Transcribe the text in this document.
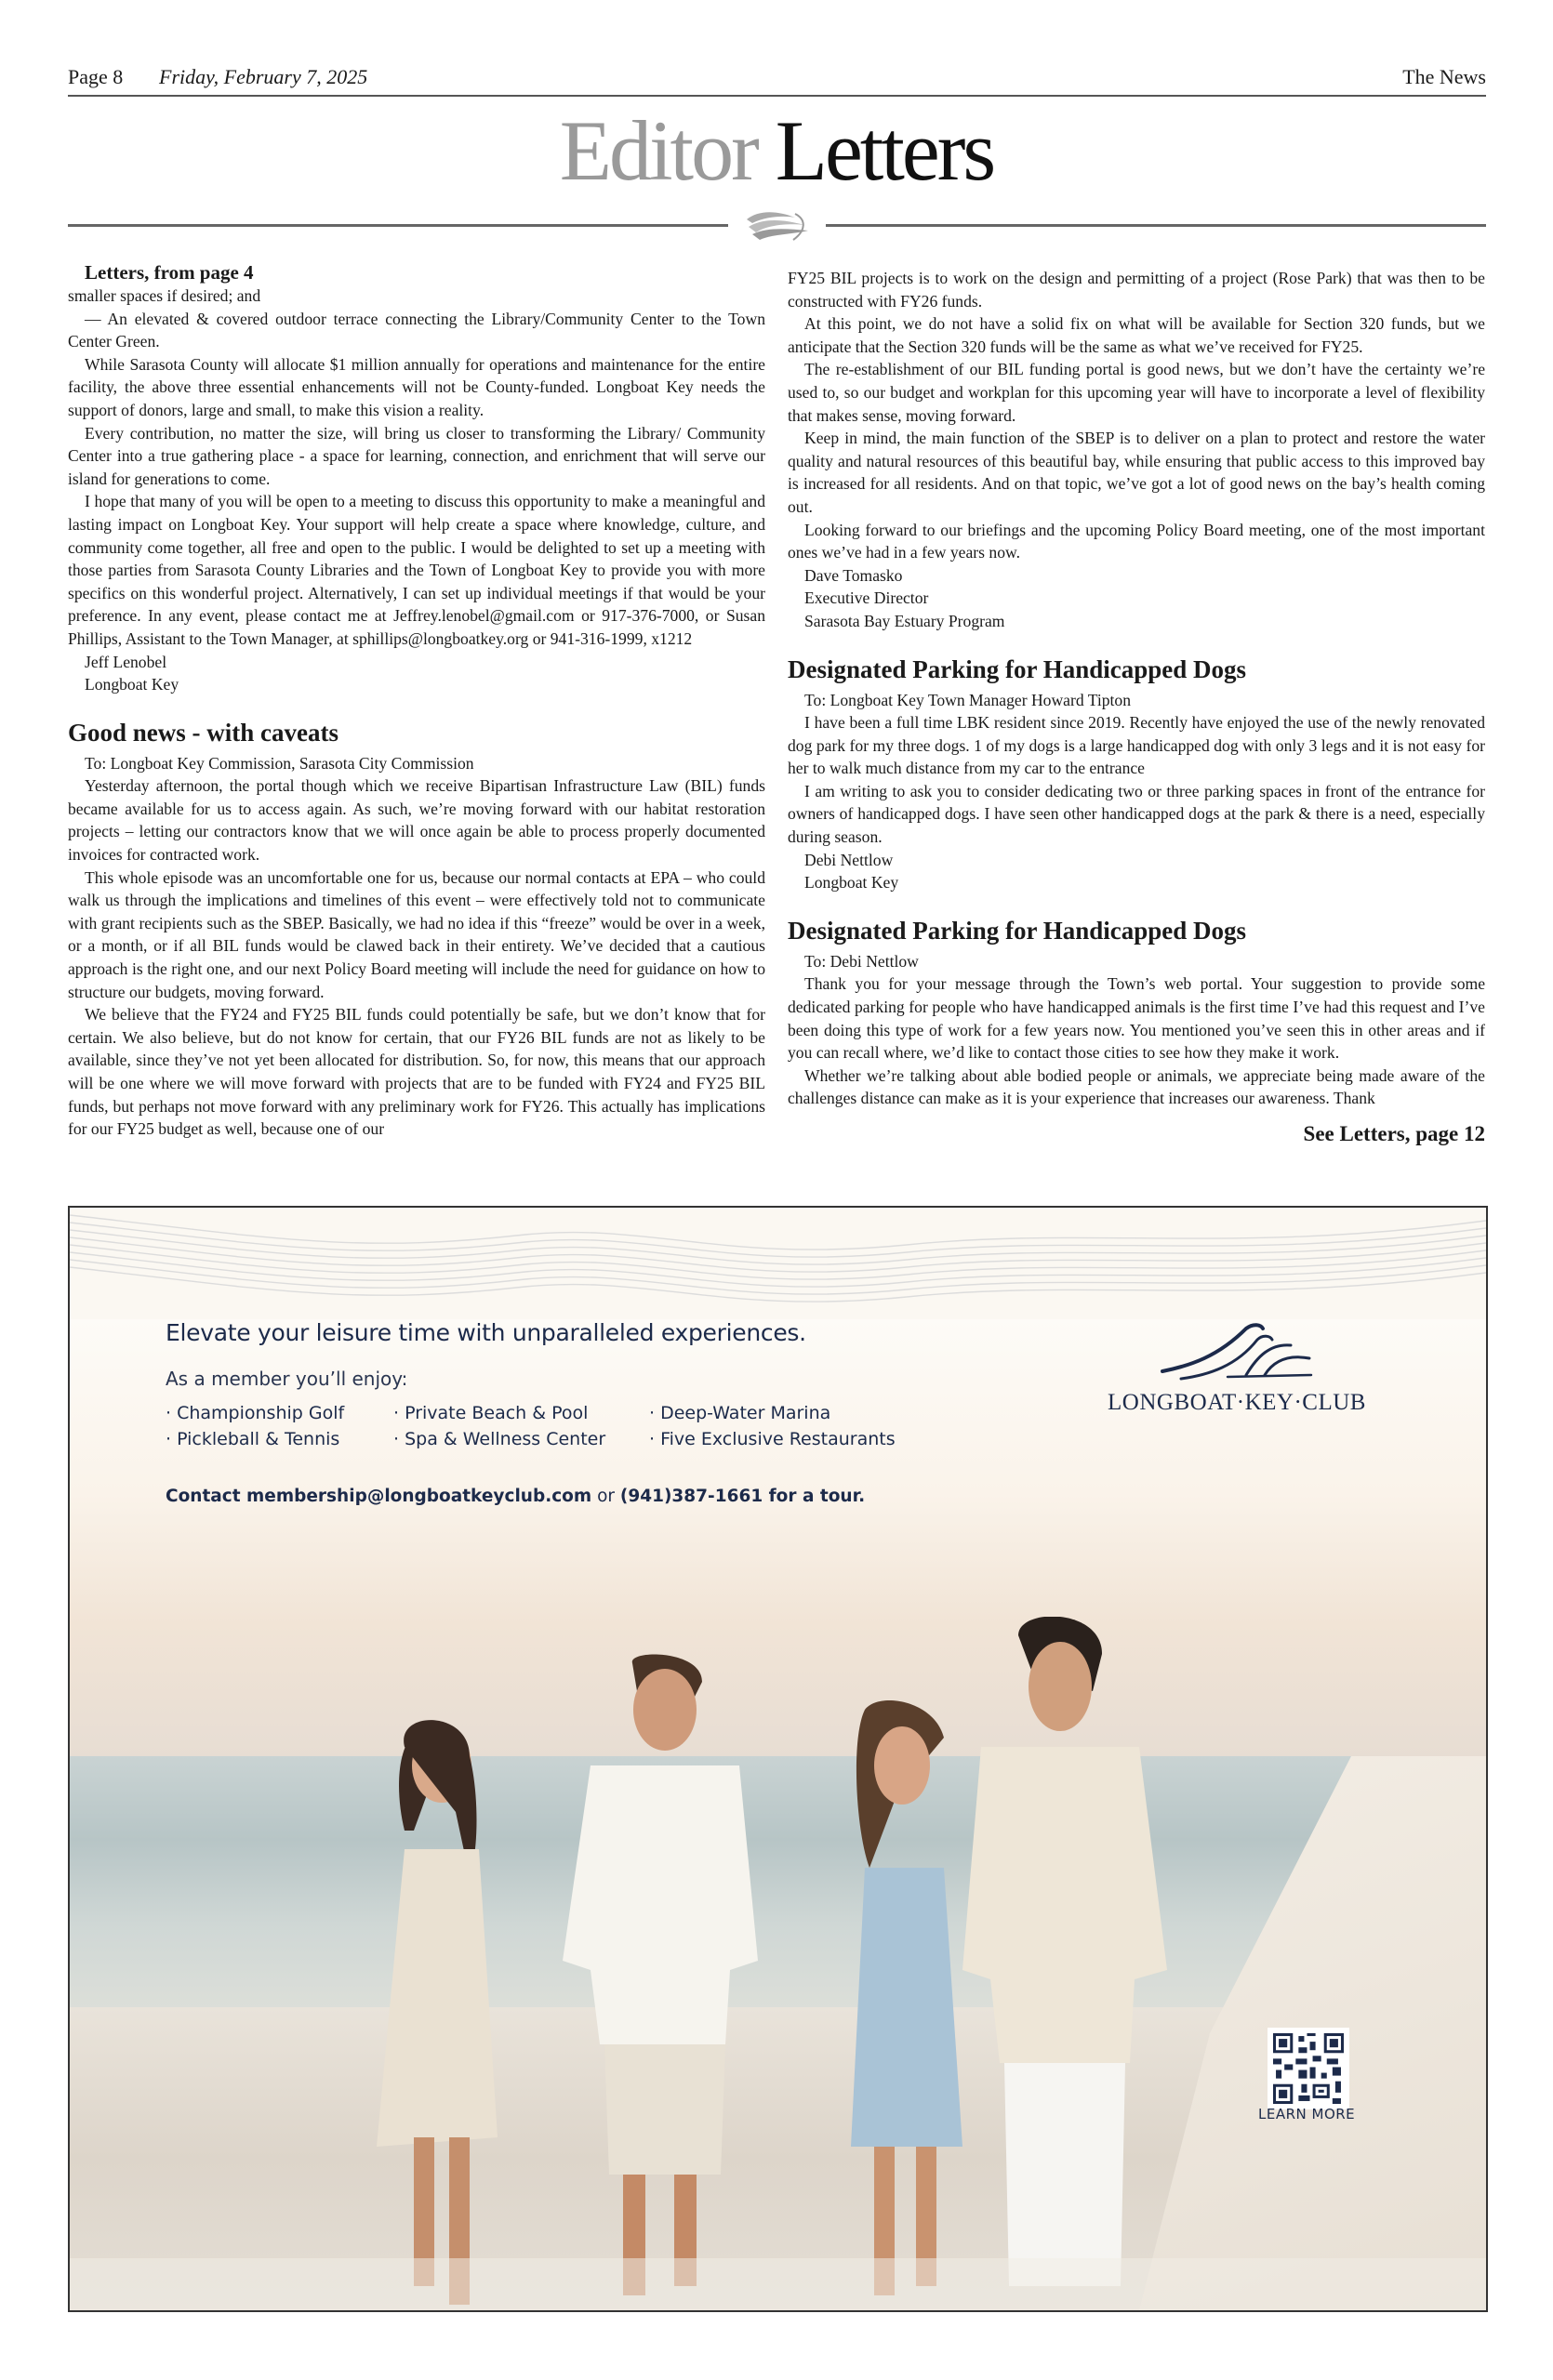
Page 8 Friday, February 7, 2025	The News
Editor Letters

Letters, from page 4

smaller spaces if desired; and

— An elevated & covered outdoor terrace connecting the Library/Community Center to the Town Center Green.

While Sarasota County will allocate $1 million annually for operations and maintenance for the entire facility, the above three essential enhancements will not be County-funded. Longboat Key needs the support of donors, large and small, to make this vision a reality.

Every contribution, no matter the size, will bring us closer to transforming the Library/ Community Center into a true gathering place - a space for learning, connection, and enrichment that will serve our island for generations to come.

I hope that many of you will be open to a meeting to discuss this opportunity to make a meaningful and lasting impact on Longboat Key. Your support will help create a space where knowledge, culture, and community come together, all free and open to the public. I would be delighted to set up a meeting with those parties from Sarasota County Libraries and the Town of Longboat Key to provide you with more specifics on this wonderful project. Alternatively, I can set up individual meetings if that would be your preference. In any event, please contact me at Jeffrey.lenobel@gmail.com or 917-376-7000, or Susan Phillips, Assistant to the Town Manager, at sphillips@longboatkey.org or 941-316-1999, x1212

Jeff Lenobel

Longboat Key

Good news - with caveats

To: Longboat Key Commission, Sarasota City Commission

Yesterday afternoon, the portal though which we receive Bipartisan Infrastructure Law (BIL) funds became available for us to access again. As such, we’re moving forward with our habitat restoration projects – letting our contractors know that we will once again be able to process properly documented invoices for contracted work.

This whole episode was an uncomfortable one for us, because our normal contacts at EPA – who could walk us through the implications and timelines of this event – were effectively told not to communicate with grant recipients such as the SBEP. Basically, we had no idea if this “freeze” would be over in a week, or a month, or if all BIL funds would be clawed back in their entirety. We’ve decided that a cautious approach is the right one, and our next Policy Board meeting will include the need for guidance on how to structure our budgets, moving forward.

We believe that the FY24 and FY25 BIL funds could potentially be safe, but we don’t know that for certain. We also believe, but do not know for certain, that our FY26 BIL funds are not as likely to be available, since they’ve not yet been allocated for distribution. So, for now, this means that our approach will be one where we will move forward with projects that are to be funded with FY24 and FY25 BIL funds, but perhaps not move forward with any preliminary work for FY26. This actually has implications for our FY25 budget as well, because one of our

FY25 BIL projects is to work on the design and permitting of a project (Rose Park) that was then to be constructed with FY26 funds.

At this point, we do not have a solid fix on what will be available for Section 320 funds, but we anticipate that the Section 320 funds will be the same as what we’ve received for FY25.

The re-establishment of our BIL funding portal is good news, but we don’t have the certainty we’re used to, so our budget and workplan for this upcoming year will have to incorporate a level of flexibility that makes sense, moving forward.

Keep in mind, the main function of the SBEP is to deliver on a plan to protect and restore the water quality and natural resources of this beautiful bay, while ensuring that public access to this improved bay is increased for all residents. And on that topic, we’ve got a lot of good news on the bay’s health coming out.

Looking forward to our briefings and the upcoming Policy Board meeting, one of the most important ones we’ve had in a few years now.

Dave Tomasko

Executive Director

Sarasota Bay Estuary Program

Designated Parking for Handicapped Dogs

To: Longboat Key Town Manager Howard Tipton

I have been a full time LBK resident since 2019. Recently have enjoyed the use of the newly renovated dog park for my three dogs. 1 of my dogs is a large handicapped dog with only 3 legs and it is not easy for her to walk much distance from my car to the entrance

I am writing to ask you to consider dedicating two or three parking spaces in front of the entrance for owners of handicapped dogs. I have seen other handicapped dogs at the park & there is a need, especially during season.

Debi Nettlow

Longboat Key

Designated Parking for Handicapped Dogs

To: Debi Nettlow

Thank you for your message through the Town’s web portal. Your suggestion to provide some dedicated parking for people who have handicapped animals is the first time I’ve had this request and I’ve been doing this type of work for a few years now. You mentioned you’ve seen this in other areas and if you can recall where, we’d like to contact those cities to see how they make it work.

Whether we’re talking about able bodied people or animals, we appreciate being made aware of the challenges distance can make as it is your experience that increases our awareness. Thank

See Letters, page 12

Elevate your leisure time with unparalleled experiences.

As a member you’ll enjoy:
· Championship Golf	· Private Beach & Pool	· Deep-Water Marina
· Pickleball & Tennis	· Spa & Wellness Center	· Five Exclusive Restaurants
Contact membership@longboatkeyclub.com or (941)387-1661 for a tour.
LONGBOAT·KEY·CLUB
LEARN MORE
